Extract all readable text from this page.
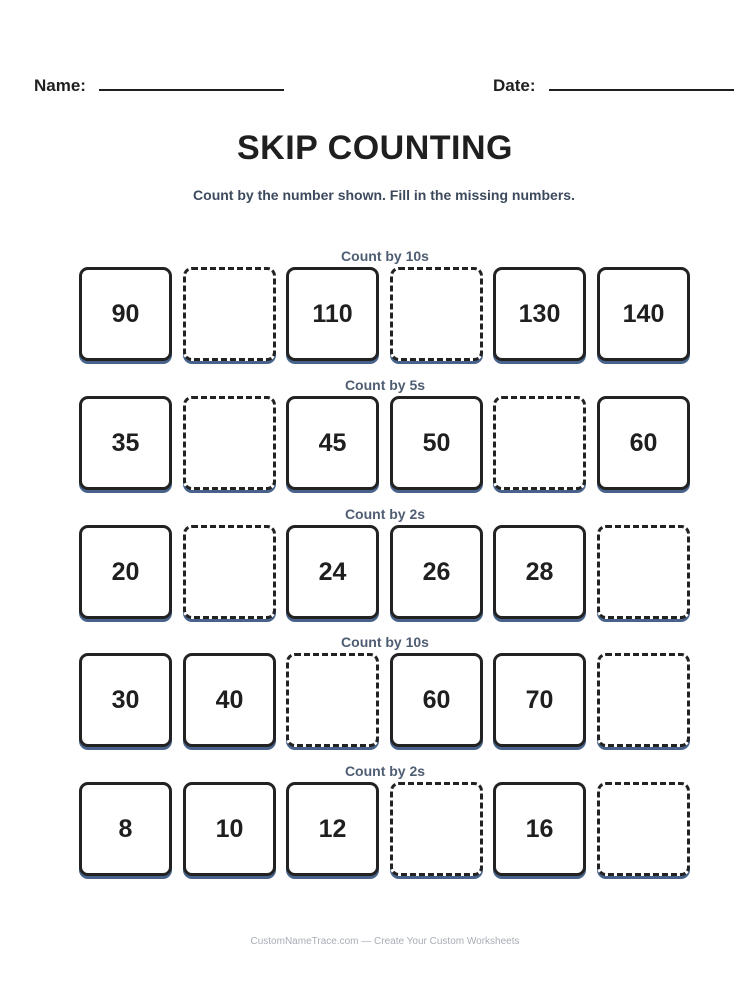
Name:	Date:
SKIP COUNTING
Count by the number shown. Fill in the missing numbers.
Count by 10s
90	110	130 140
Count by 5s
35	45	50	60
Count by 2s
20	24	26	28
Count by 10s
30	40	60	70
Count by 2s
8	10	12	16
CustomNameTrace.com — Create Your Custom Worksheets
